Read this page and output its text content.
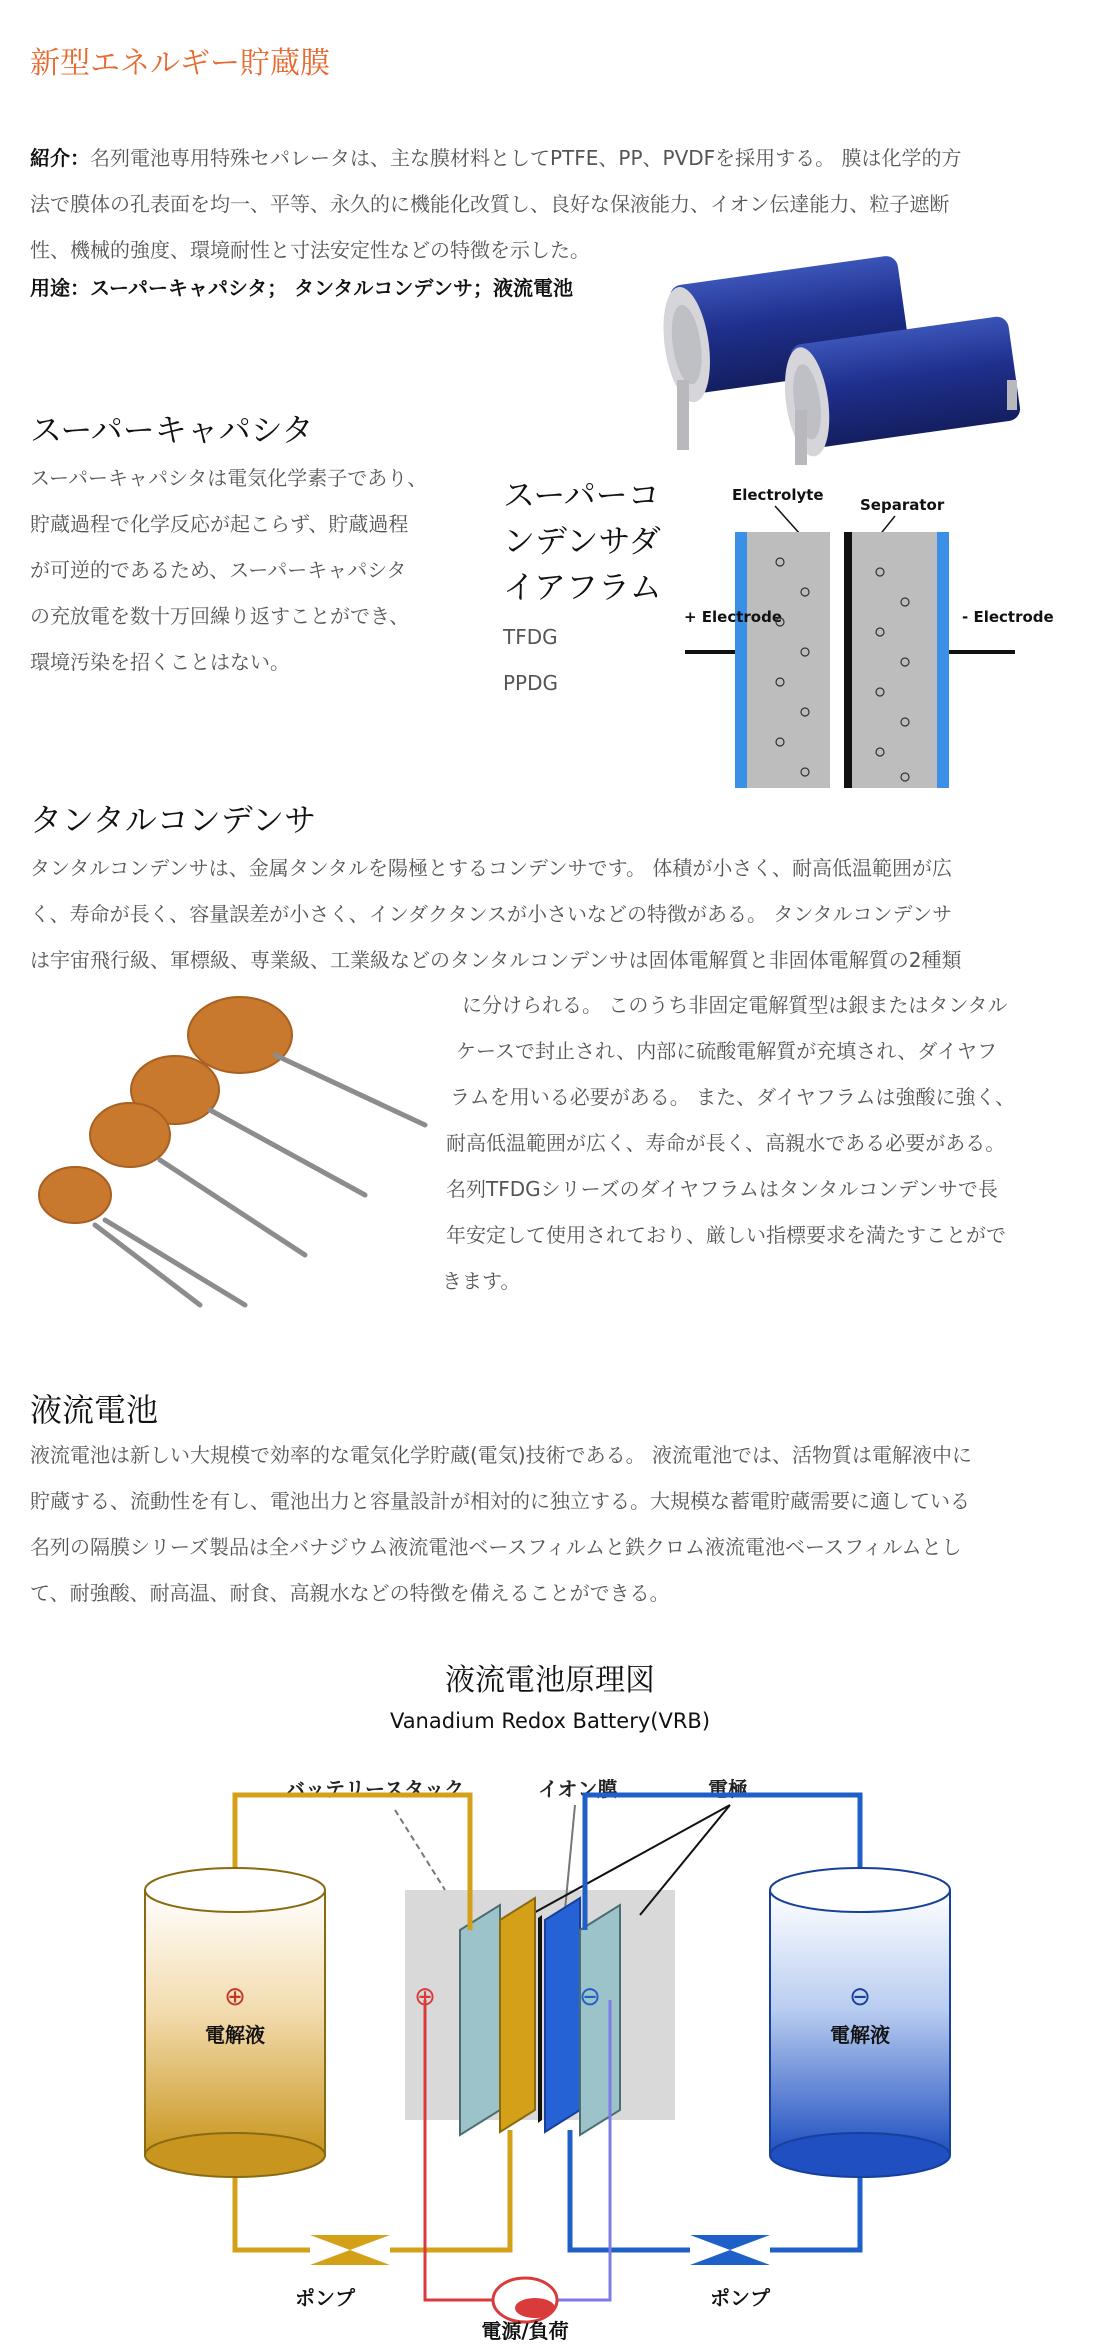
新型エネルギー貯蔵膜
紹介：名列電池専用特殊セパレータは、主な膜材料としてPTFE、PP、PVDFを採用する。 膜は化学的方
法で膜体の孔表面を均一、平等、永久的に機能化改質し、良好な保液能力、イオン伝達能力、粒子遮断
性、機械的強度、環境耐性と寸法安定性などの特徴を示した。
用途：スーパーキャパシタ； タンタルコンデンサ；液流電池
スーパーキャパシタ
スーパーキャパシタは電気化学素子であり、
貯蔵過程で化学反応が起こらず、貯蔵過程
が可逆的であるため、スーパーキャパシタ
の充放電を数十万回繰り返すことができ、
環境汚染を招くことはない。
スーパーコンデンサダイアフラム
TFDG
PPDG
Electrolyte
Separator
+ Electrode	- Electrode
タンタルコンデンサ
タンタルコンデンサは、金属タンタルを陽極とするコンデンサです。 体積が小さく、耐高低温範囲が広
く、寿命が長く、容量誤差が小さく、インダクタンスが小さいなどの特徴がある。 タンタルコンデンサ
は宇宙飛行級、軍標級、専業級、工業級などのタンタルコンデンサは固体電解質と非固体電解質の2種類
に分けられる。 このうち非固定電解質型は銀またはタンタル
ケースで封止され、内部に硫酸電解質が充填され、ダイヤフ
ラムを用いる必要がある。 また、ダイヤフラムは強酸に強く、
耐高低温範囲が広く、寿命が長く、高親水である必要がある。
名列TFDGシリーズのダイヤフラムはタンタルコンデンサで長
年安定して使用されており、厳しい指標要求を満たすことがで
きます。
液流電池
液流電池は新しい大規模で効率的な電気化学貯蔵(電気)技術である。 液流電池では、活物質は電解液中に
貯蔵する、流動性を有し、電池出力と容量設計が相対的に独立する。大規模な蓄電貯蔵需要に適している
名列の隔膜シリーズ製品は全バナジウム液流電池ベースフィルムと鉄クロム液流電池ベースフィルムとし
て、耐強酸、耐高温、耐食、高親水などの特徴を備えることができる。
液流電池原理図
Vanadium Redox Battery(VRB)
バッテリースタック	イオン膜	電極
⊕	⊖
⊕
電解液
⊖
電解液
ポンプ	ポンプ
電源/負荷
